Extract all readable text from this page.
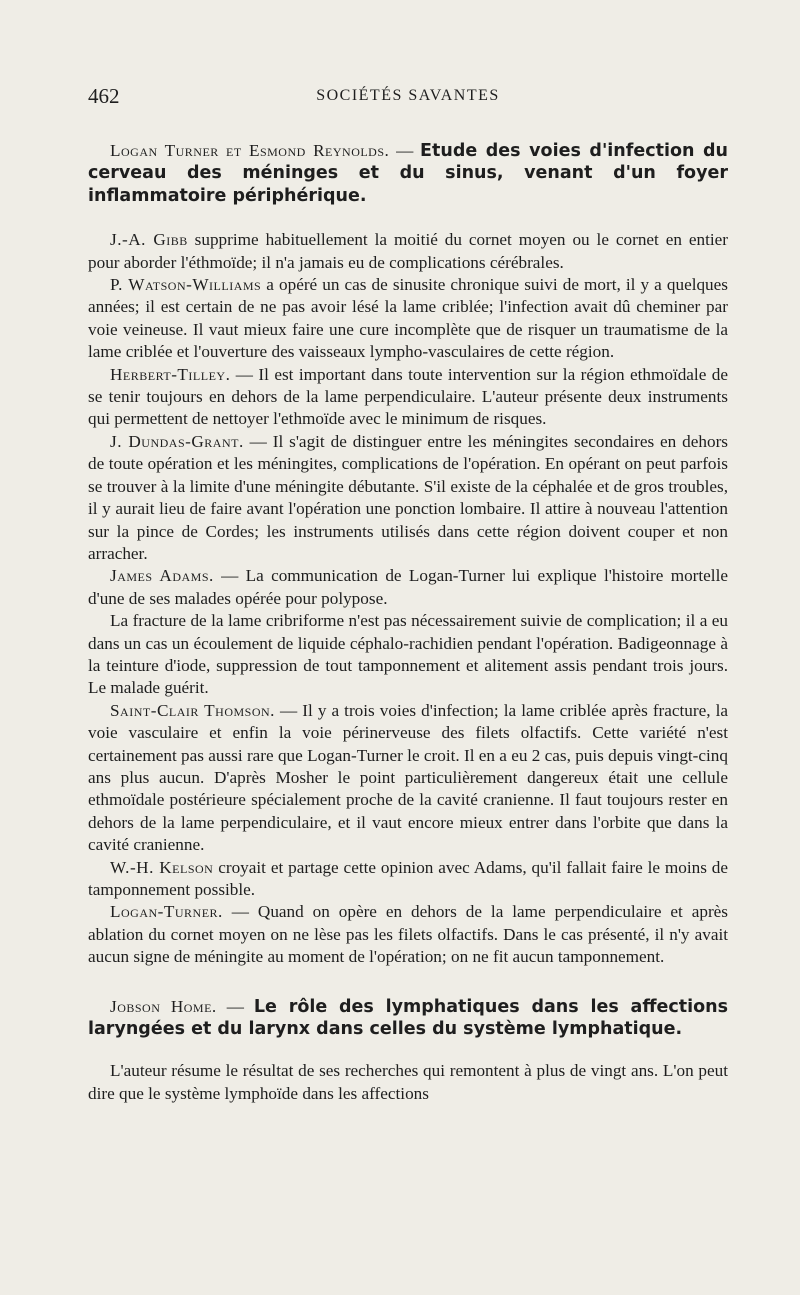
462	SOCIÉTÉS SAVANTES

Logan Turner et Esmond Reynolds. — Etude des voies d'infection du cerveau des méninges et du sinus, venant d'un foyer inflammatoire périphérique.

J.-A. Gibb supprime habituellement la moitié du cornet moyen ou le cornet en entier pour aborder l'éthmoïde; il n'a jamais eu de complications cérébrales.

P. Watson-Williams a opéré un cas de sinusite chronique suivi de mort, il y a quelques années; il est certain de ne pas avoir lésé la lame criblée; l'infection avait dû cheminer par voie veineuse. Il vaut mieux faire une cure incomplète que de risquer un traumatisme de la lame criblée et l'ouverture des vaisseaux lympho-vasculaires de cette région.

Herbert-Tilley. — Il est important dans toute intervention sur la région ethmoïdale de se tenir toujours en dehors de la lame perpendiculaire. L'auteur présente deux instruments qui permettent de nettoyer l'ethmoïde avec le minimum de risques.

J. Dundas-Grant. — Il s'agit de distinguer entre les méningites secondaires en dehors de toute opération et les méningites, complications de l'opération. En opérant on peut parfois se trouver à la limite d'une méningite débutante. S'il existe de la céphalée et de gros troubles, il y aurait lieu de faire avant l'opération une ponction lombaire. Il attire à nouveau l'attention sur la pince de Cordes; les instruments utilisés dans cette région doivent couper et non arracher.

James Adams. — La communication de Logan-Turner lui explique l'histoire mortelle d'une de ses malades opérée pour polypose.

La fracture de la lame cribriforme n'est pas nécessairement suivie de complication; il a eu dans un cas un écoulement de liquide céphalo-rachidien pendant l'opération. Badigeonnage à la teinture d'iode, suppression de tout tamponnement et alitement assis pendant trois jours. Le malade guérit.

Saint-Clair Thomson. — Il y a trois voies d'infection; la lame criblée après fracture, la voie vasculaire et enfin la voie périnerveuse des filets olfactifs. Cette variété n'est certainement pas aussi rare que Logan-Turner le croit. Il en a eu 2 cas, puis depuis vingt-cinq ans plus aucun. D'après Mosher le point particulièrement dangereux était une cellule ethmoïdale postérieure spécialement proche de la cavité cranienne. Il faut toujours rester en dehors de la lame perpendiculaire, et il vaut encore mieux entrer dans l'orbite que dans la cavité cranienne.

W.-H. Kelson croyait et partage cette opinion avec Adams, qu'il fallait faire le moins de tamponnement possible.

Logan-Turner. — Quand on opère en dehors de la lame perpendiculaire et après ablation du cornet moyen on ne lèse pas les filets olfactifs. Dans le cas présenté, il n'y avait aucun signe de méningite au moment de l'opération; on ne fit aucun tamponnement.

Jobson Home. — Le rôle des lymphatiques dans les affections laryngées et du larynx dans celles du système lymphatique.

L'auteur résume le résultat de ses recherches qui remontent à plus de vingt ans. L'on peut dire que le système lymphoïde dans les affections
